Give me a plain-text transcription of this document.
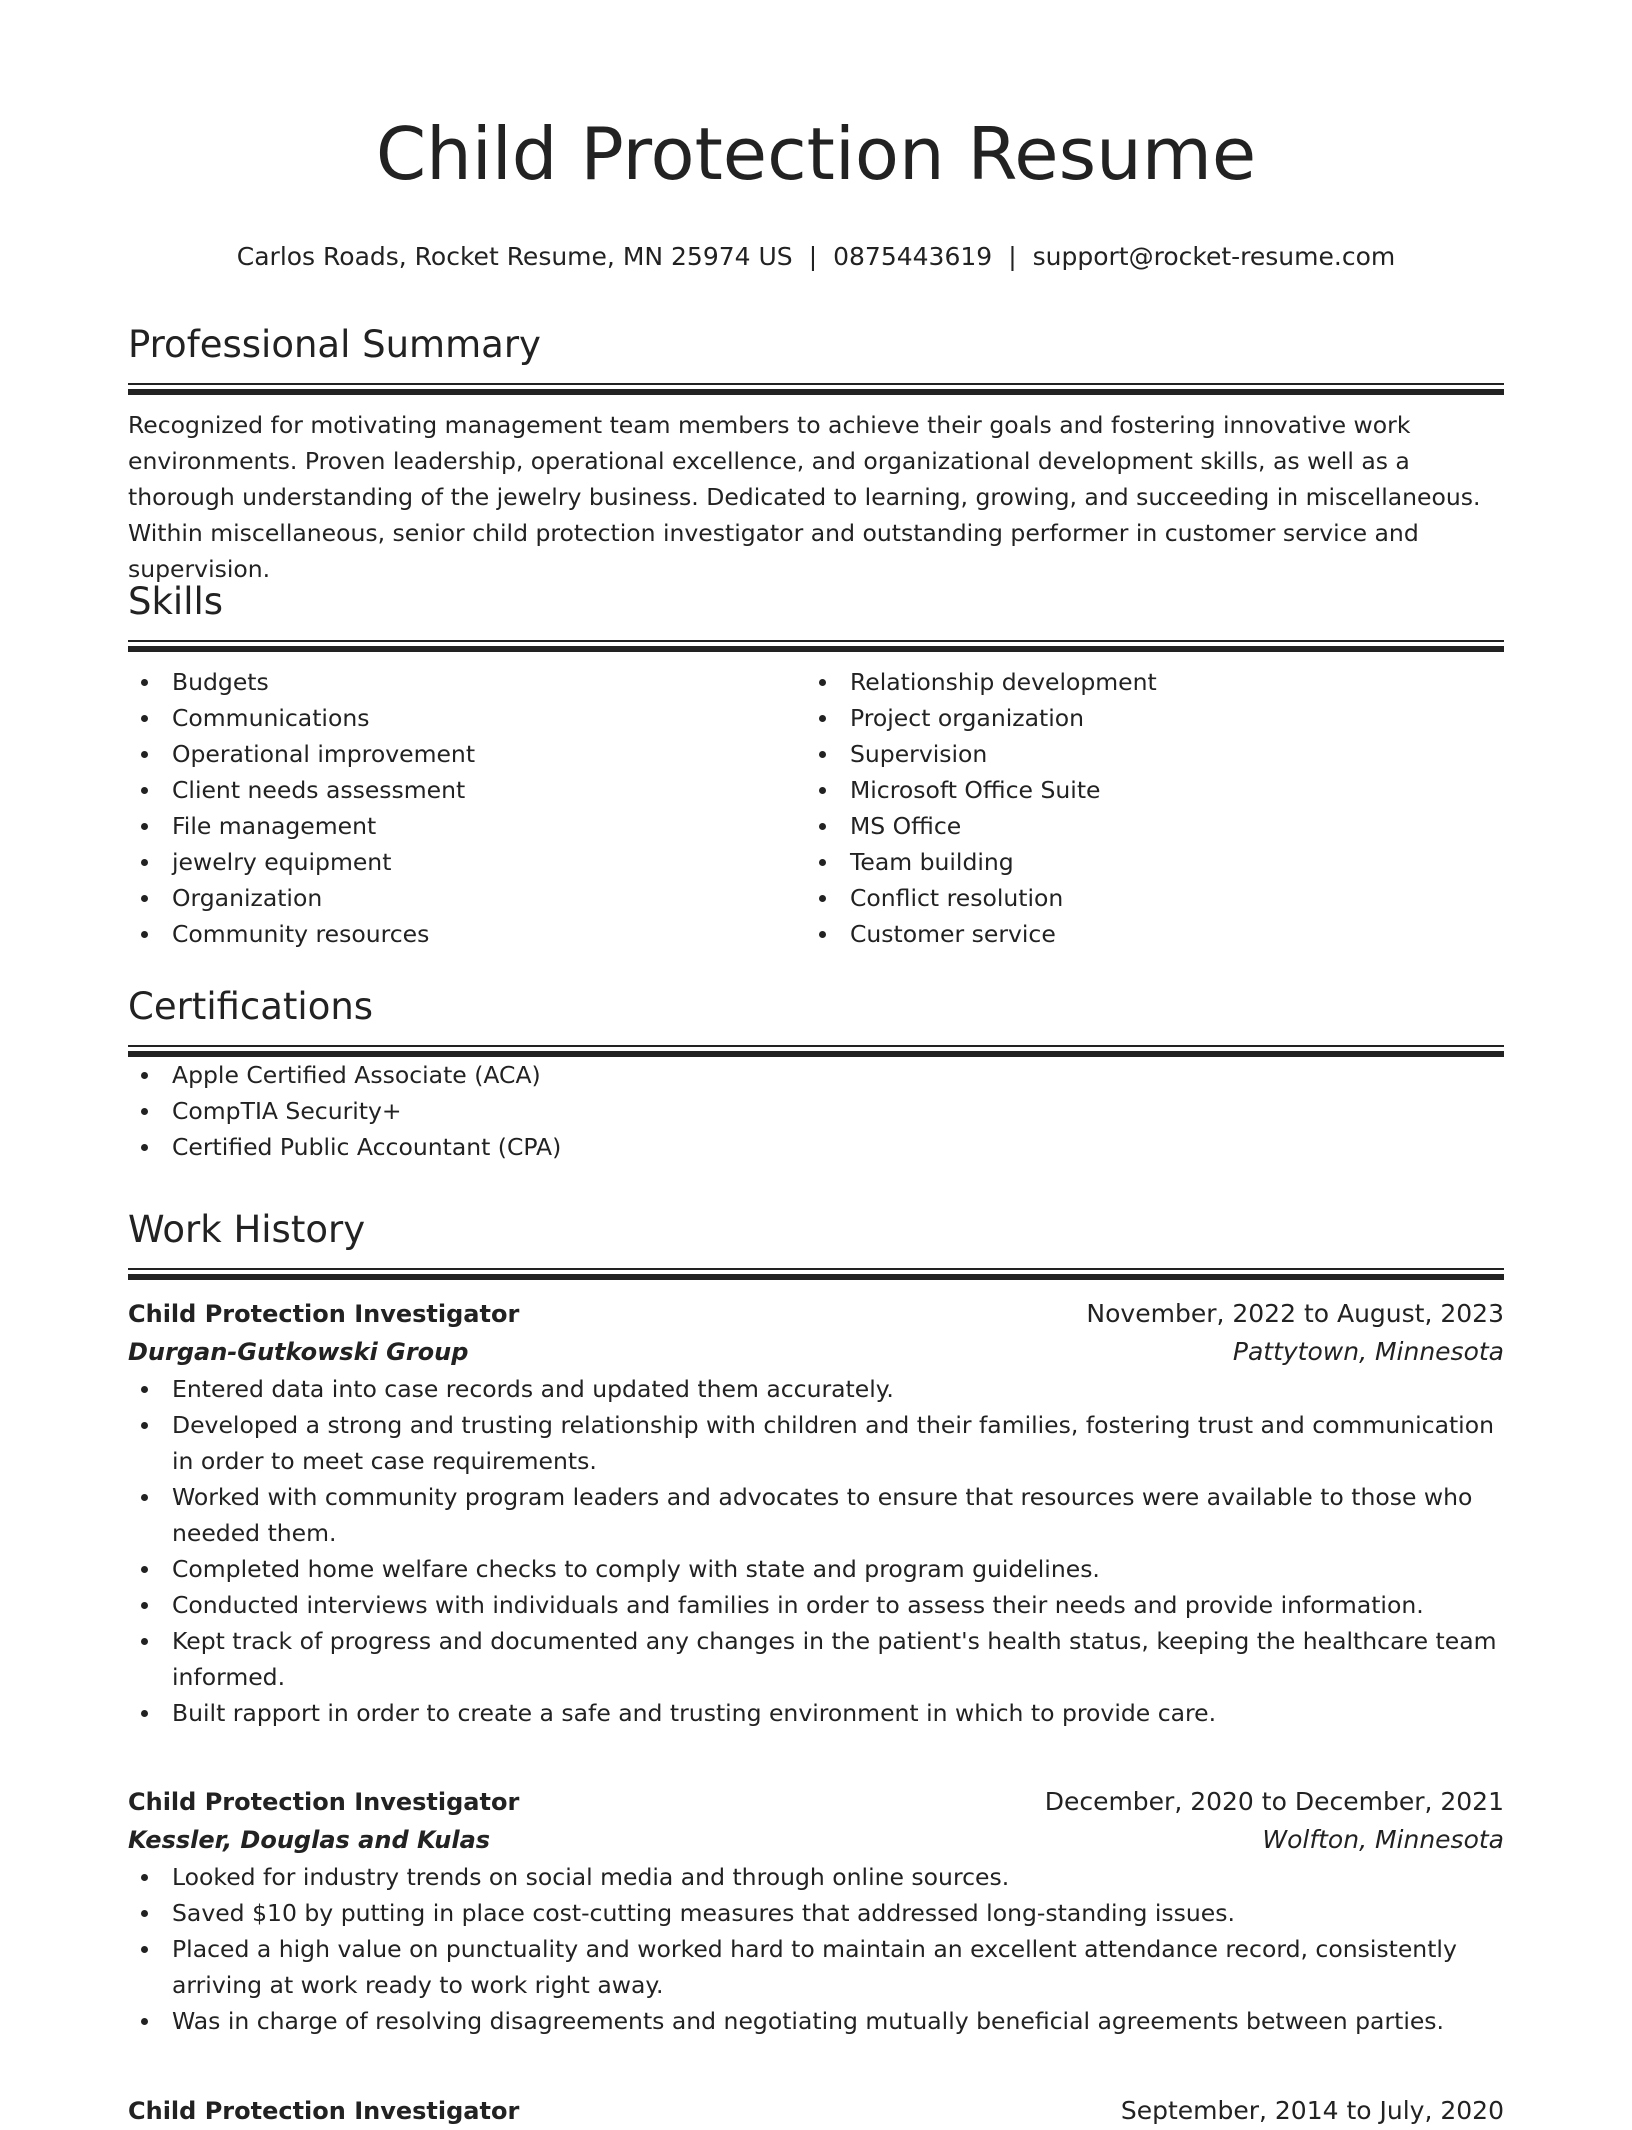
Child Protection Resume
Carlos Roads, Rocket Resume, MN 25974 US | 0875443619 | support@rocket-resume.com
Professional Summary

Recognized for motivating management team members to achieve their goals and fostering innovative work environments. Proven leadership, operational excellence, and organizational development skills, as well as a thorough understanding of the jewelry business. Dedicated to learning, growing, and succeeding in miscellaneous. Within miscellaneous, senior child protection investigator and outstanding performer in customer service and supervision.

Skills
Budgets
Communications
Operational improvement
Client needs assessment
File management
jewelry equipment
Organization
Community resources
Relationship development
Project organization
Supervision
Microsoft Office Suite
MS Office
Team building
Conflict resolution
Customer service
Certifications
Apple Certified Associate (ACA)
CompTIA Security+
Certified Public Accountant (CPA)
Work History
Child Protection Investigator	November, 2022 to August, 2023
Durgan-Gutkowski Group	Pattytown, Minnesota
Entered data into case records and updated them accurately.
Developed a strong and trusting relationship with children and their families, fostering trust and communication in order to meet case requirements.
Worked with community program leaders and advocates to ensure that resources were available to those who needed them.
Completed home welfare checks to comply with state and program guidelines.
Conducted interviews with individuals and families in order to assess their needs and provide information.
Kept track of progress and documented any changes in the patient's health status, keeping the healthcare team informed.
Built rapport in order to create a safe and trusting environment in which to provide care.
Child Protection Investigator	December, 2020 to December, 2021
Kessler, Douglas and Kulas	Wolfton, Minnesota
Looked for industry trends on social media and through online sources.
Saved $10 by putting in place cost-cutting measures that addressed long-standing issues.
Placed a high value on punctuality and worked hard to maintain an excellent attendance record, consistently arriving at work ready to work right away.
Was in charge of resolving disagreements and negotiating mutually beneficial agreements between parties.
Child Protection Investigator	September, 2014 to July, 2020
